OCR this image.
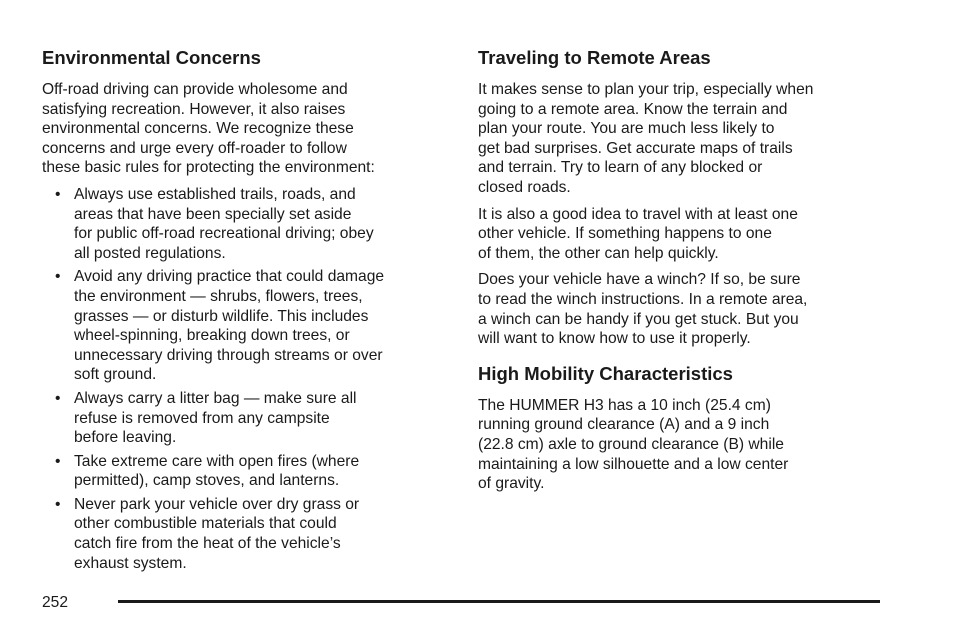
Environmental Concerns

Off-road driving can provide wholesome and
satisfying recreation. However, it also raises
environmental concerns. We recognize these
concerns and urge every off-roader to follow
these basic rules for protecting the environment:

• Always use established trails, roads, and
areas that have been specially set aside
for public off-road recreational driving; obey
all posted regulations.
• Avoid any driving practice that could damage
the environment — shrubs, flowers, trees,
grasses — or disturb wildlife. This includes
wheel-spinning, breaking down trees, or
unnecessary driving through streams or over
soft ground.
• Always carry a litter bag — make sure all
refuse is removed from any campsite
before leaving.
• Take extreme care with open fires (where
permitted), camp stoves, and lanterns.
• Never park your vehicle over dry grass or
other combustible materials that could
catch fire from the heat of the vehicle’s
exhaust system.
Traveling to Remote Areas

It makes sense to plan your trip, especially when
going to a remote area. Know the terrain and
plan your route. You are much less likely to
get bad surprises. Get accurate maps of trails
and terrain. Try to learn of any blocked or
closed roads.

It is also a good idea to travel with at least one
other vehicle. If something happens to one
of them, the other can help quickly.

Does your vehicle have a winch? If so, be sure
to read the winch instructions. In a remote area,
a winch can be handy if you get stuck. But you
will want to know how to use it properly.

High Mobility Characteristics

The HUMMER H3 has a 10 inch (25.4 cm)
running ground clearance (A) and a 9 inch
(22.8 cm) axle to ground clearance (B) while
maintaining a low silhouette and a low center
of gravity.

252
